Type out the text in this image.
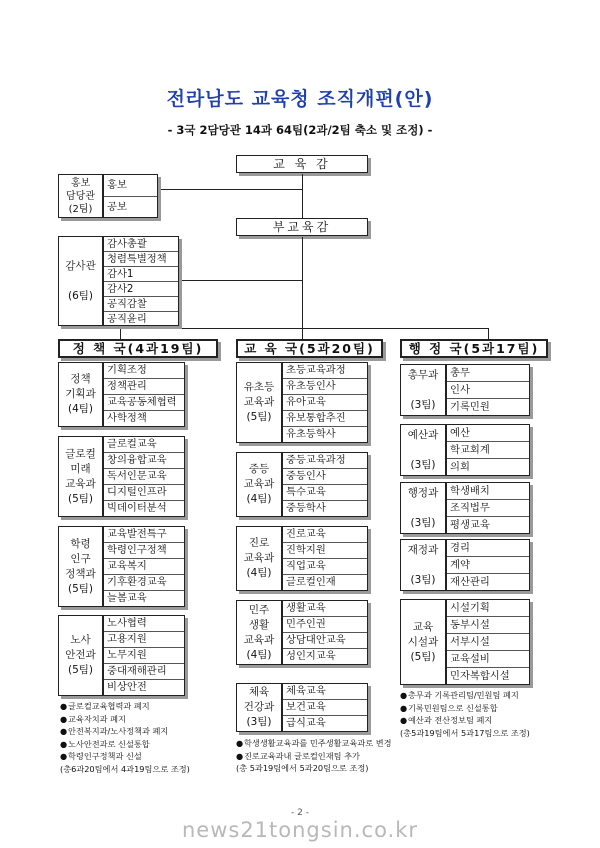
전라남도 교육청 조직개편(안)
- 3국 2담당관 14과 64팀(2과/2팀 축소 및 조정) -
교 육 감
부교육감
홍보
담당관
(2팀)
홍보
공보
감사관

(6팀)
감사총괄
청렴특별정책
감사1
감사2
공직감찰
공직윤리
정 책 국(4과19팀)	교 육 국(5과20팀)	행 정 국(5과17팀)
정책
기획과
(4팀)
기획조정
정책관리
교육공동체협력
사학정책
글로컬
미래
교육과
(5팀)
글로컬교육
창의융합교육
독서인문교육
디지털인프라
빅데이터분석
학령
인구
정책과
(5팀)
교육발전특구
학령인구정책
교육복지
기후환경교육
늘봄교육
노사
안전과
(5팀)
노사협력
고용지원
노무지원
중대재해관리
비상안전
유초등
교육과
(5팀)
초등교육과정
유초등인사
유아교육
유보통합추진
유초등학사
중등
교육과
(4팀)
중등교육과정
중등인사
특수교육
중등학사
진로
교육과
(4팀)
진로교육
진학지원
직업교육
글로컬인재
민주
생활
교육과
(4팀)
생활교육
민주인권
상담대안교육
성인지교육
체육
건강과
(3팀)
체육교육
보건교육
급식교육
총무과

(3팀)
총무
인사
기록민원
예산과

(3팀)
예산
학교회계
의회
행정과

(3팀)
학생배치
조직법무
평생교육
재정과

(3팀)
경리
계약
재산관리
교육
시설과
(5팀)
시설기획
동부시설
서부시설
교육설비
민자복합시설
●글로컬교육협력과 폐지
●교육자치과 폐지
●안전복지과/노사정책과 폐지
●노사안전과로 신설통합
●학령인구정책과 신설
(총6과20팀에서 4과19팀으로 조정)
●학생생활교육과를 민주생활교육과로 변경
●진로교육과내 글로컬인재팀 추가
(총 5과19팀에서 5과20팀으로 조정)
●총무과 기록관리팀/민원팀 폐지
●기록민원팀으로 신설통합
●예산과 전산정보팀 폐지
(총5과19팀에서 5과17팀으로 조정)
- 2 -
news21tongsin.co.kr
